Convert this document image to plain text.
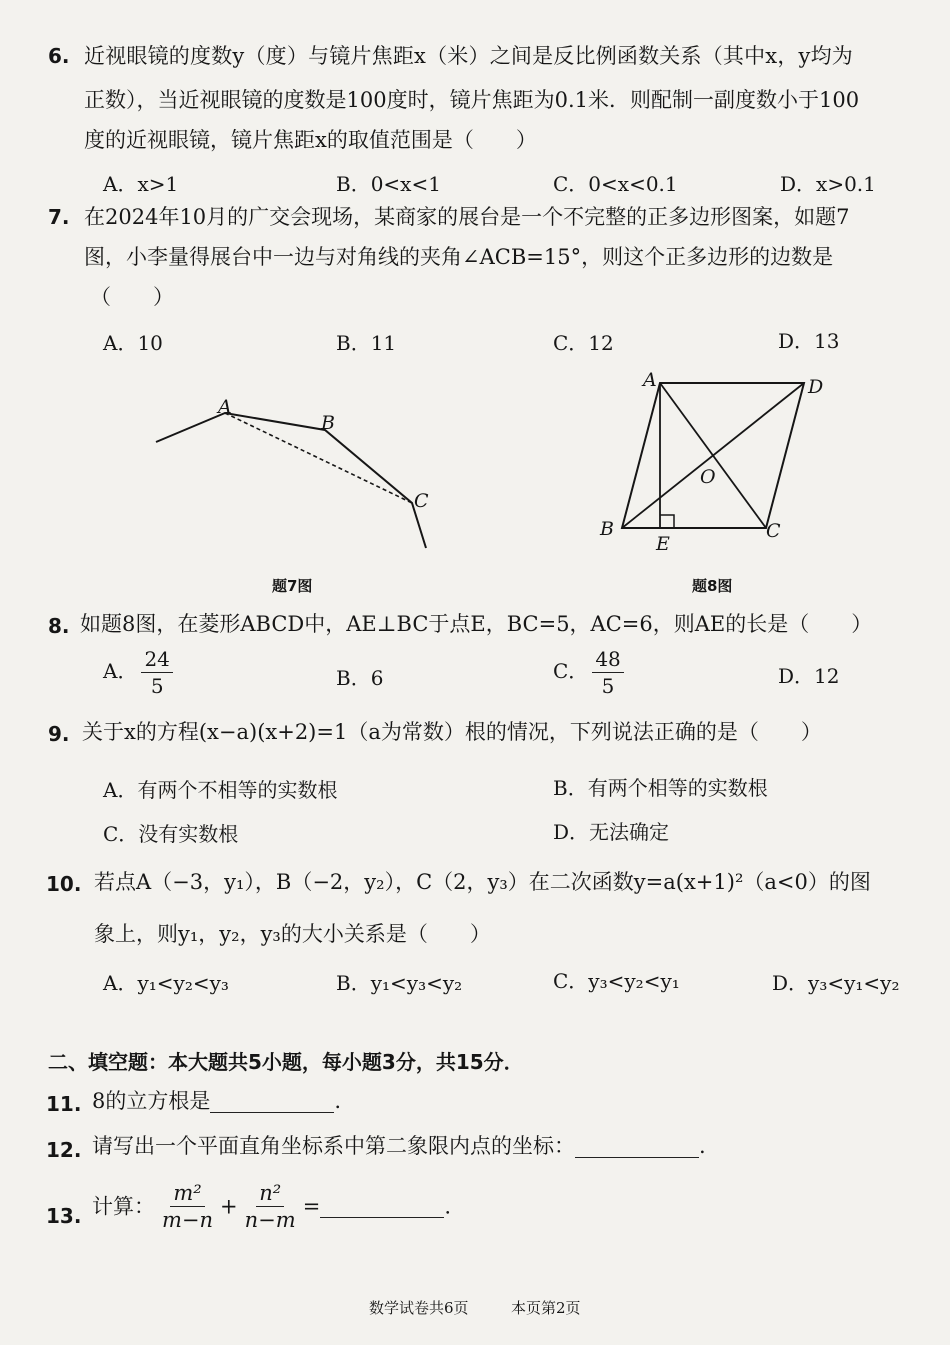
6. 近视眼镜的度数y（度）与镜片焦距x（米）之间是反比例函数关系（其中x，y均为
正数），当近视眼镜的度数是100度时，镜片焦距为0.1米．则配制一副度数小于100
度的近视眼镜，镜片焦距x的取值范围是（　　）
A．x>1	B．0<x<1	C．0<x<0.1	D．x>0.1
7. 在2024年10月的广交会现场，某商家的展台是一个不完整的正多边形图案，如题7
图，小李量得展台中一边与对角线的夹角∠ACB=15°，则这个正多边形的边数是
（　　）
A．10	B．11	C．12	D．13
A
B
C
题7图
A	D
O
B
E
C
题8图
8. 如题8图，在菱形ABCD中，AE⊥BC于点E，BC=5，AC=6，则AE的长是（　　）
A． $\frac{24}{5}$	B．6	C． $\frac{48}{5}$	D．12
9. 关于x的方程(x−a)(x+2)=1（a为常数）根的情况，下列说法正确的是（　　）
A．有两个不相等的实数根	B．有两个相等的实数根
C．没有实数根	D．无法确定
10. 若点A（−3，y₁），B（−2，y₂），C（2，y₃）在二次函数y=a(x+1)²（a<0）的图
象上，则y₁，y₂，y₃的大小关系是（　　）
A．y₁<y₂<y₃	B．y₁<y₃<y₂	C．y₃<y₂<y₁	D．y₃<y₁<y₂
二、填空题：本大题共5小题，每小题3分，共15分．
11. 8的立方根是	.
12. 请写出一个平面直角坐标系中第二象限内点的坐标：	.
13. 计算： $\frac{\text{m²}}{m-n} + \frac{\text{n²}}{n-m}$ =	.
数学试卷共6页	本页第2页
